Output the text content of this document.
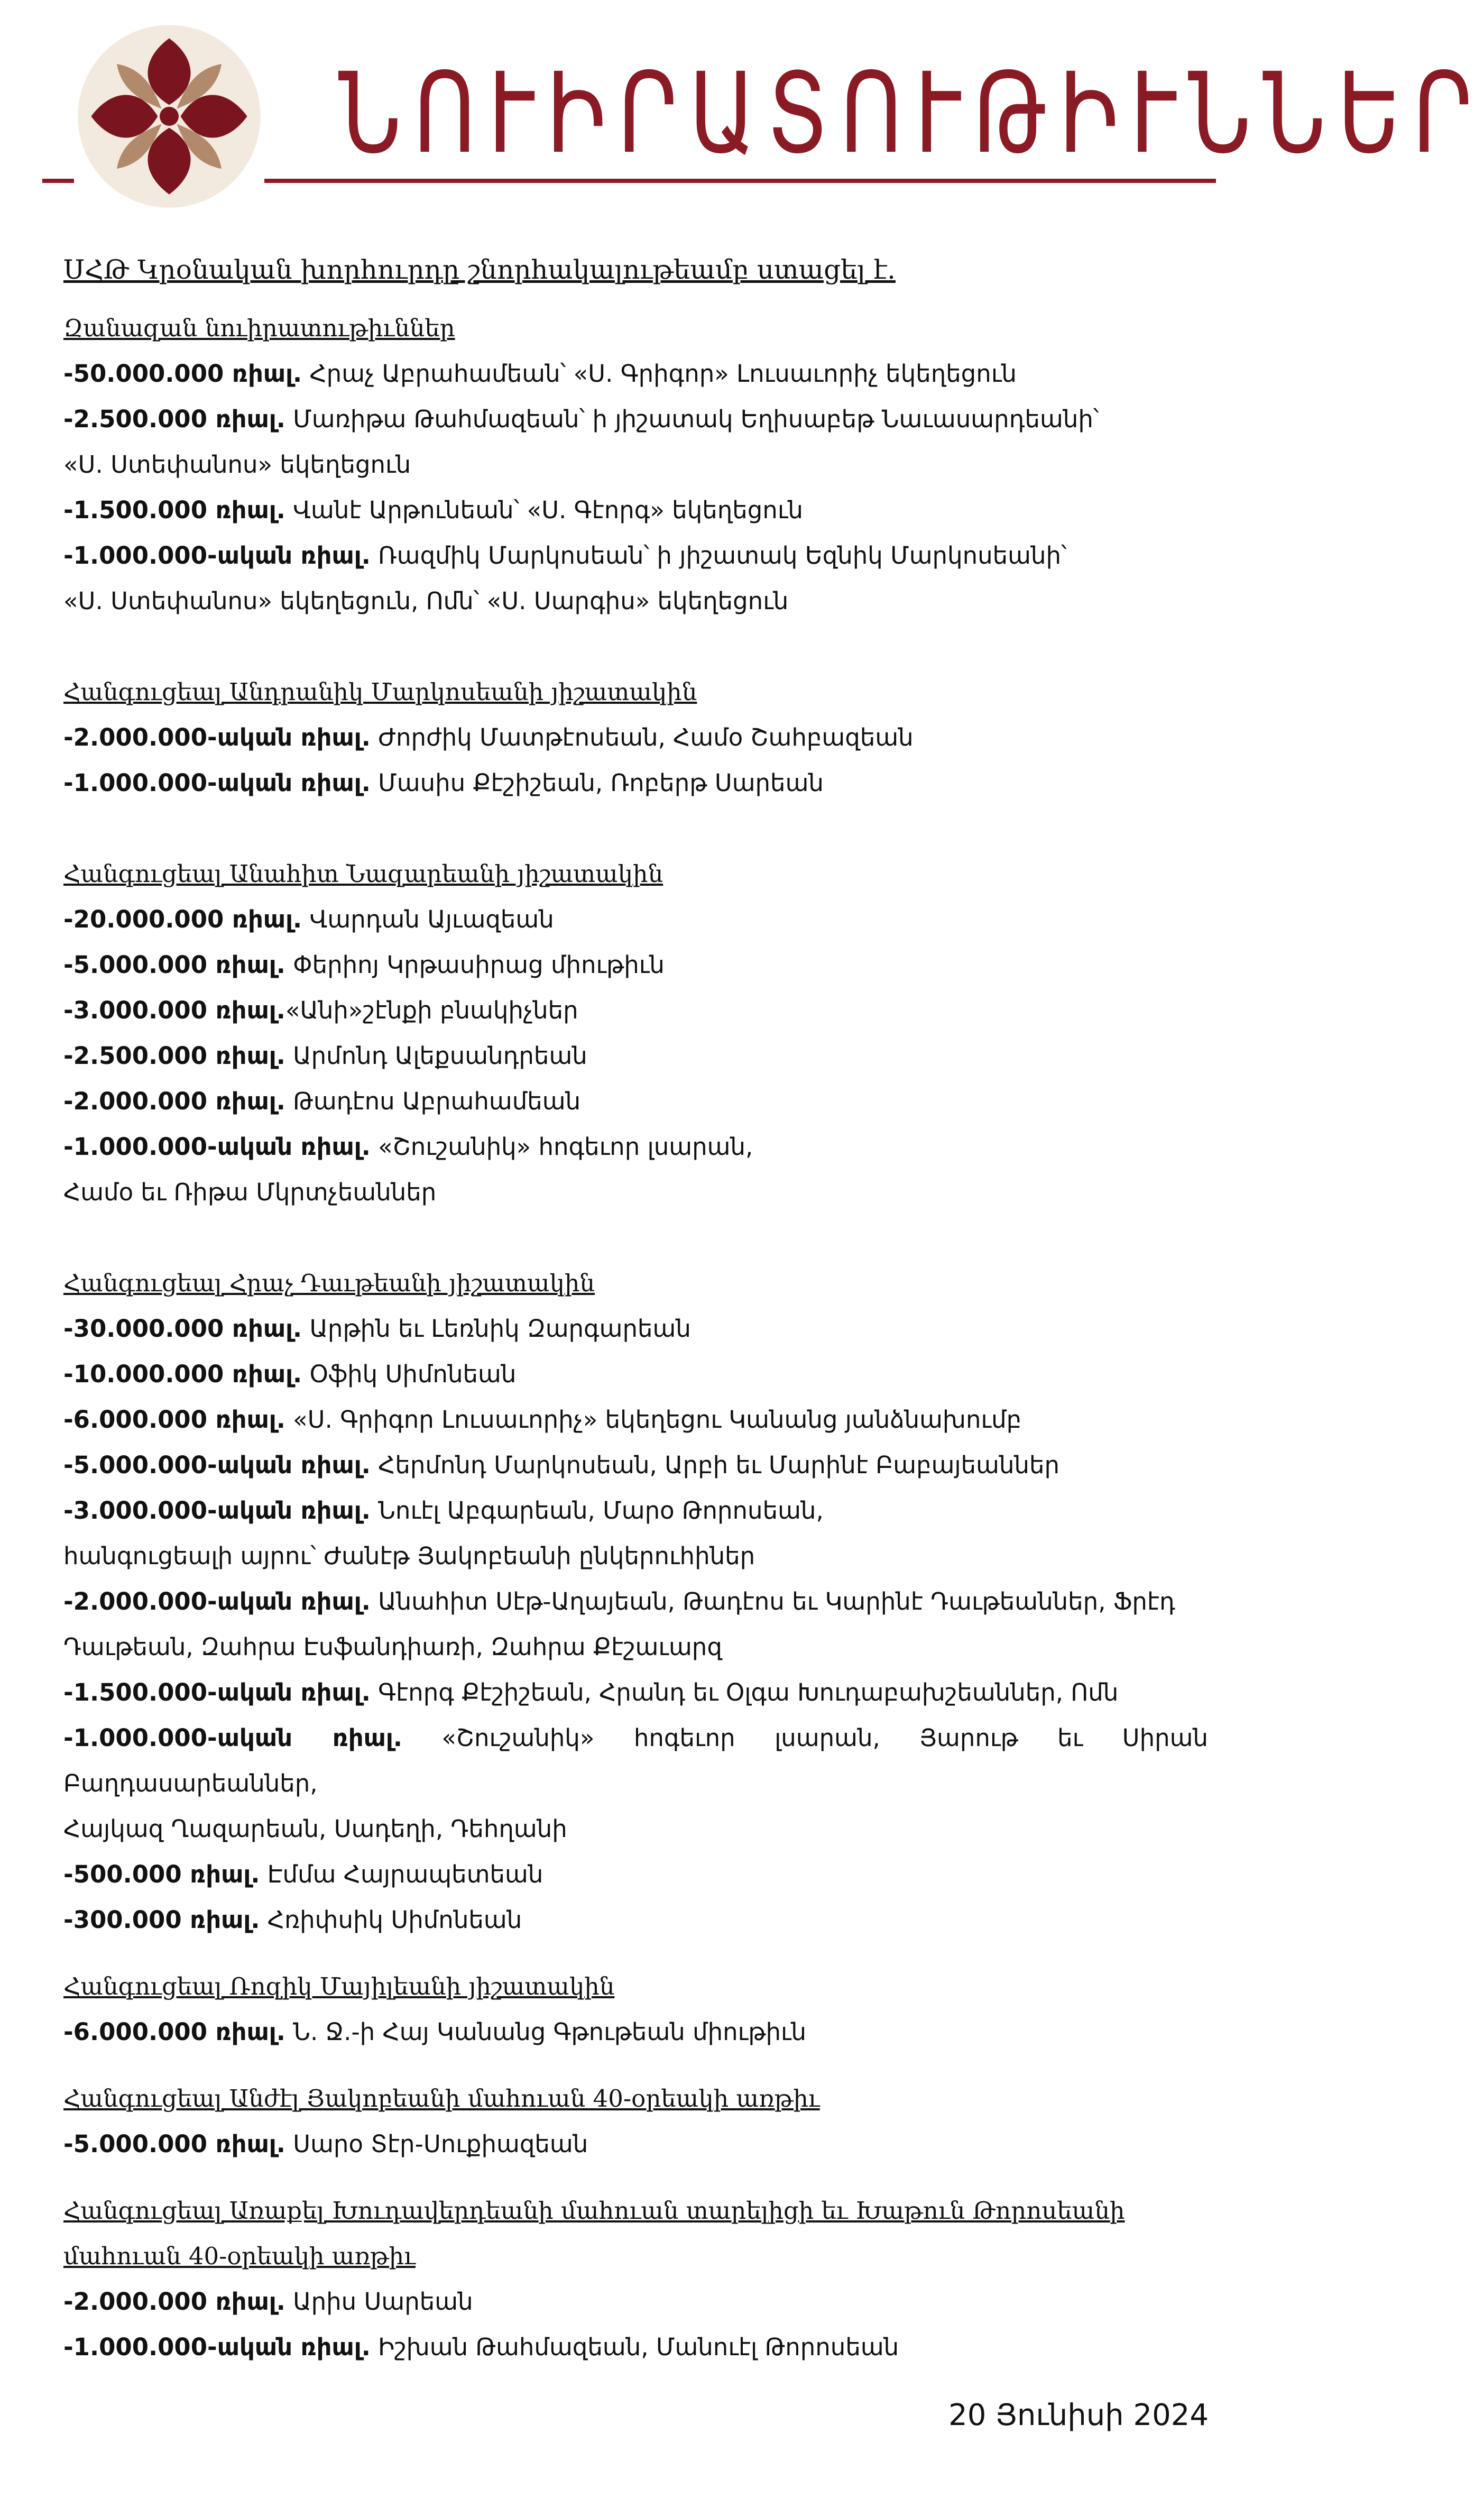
ՆՈՒԻՐԱՏՈՒԹԻՒՆՆԵՐ
ՍՀԹ Կրօնական խորհուրդը շնորհակալութեամբ ստացել է.
Զանազան նուիրատութիւններ
-50.000.000 ռիալ. Հրաչ Աբրահամեան՝ «Ս. Գրիգոր» Լուսաւորիչ եկեղեցուն
-2.500.000 ռիալ. Մառիթա Թահմազեան՝ ի յիշատակ Եղիսաբեթ Նաւասարդեանի՝
«Ս. Ստեփանոս» եկեղեցուն
-1.500.000 ռիալ. Վանէ Արթունեան՝ «Ս. Գէորգ» եկեղեցուն
-1.000.000-ական ռիալ. Ռազմիկ Մարկոսեան՝ ի յիշատակ Եզնիկ Մարկոսեանի՝
«Ս. Ստեփանոս» եկեղեցուն, Ոմն՝ «Ս. Սարգիս» եկեղեցուն
Հանգուցեալ Անդրանիկ Մարկոսեանի յիշատակին
-2.000.000-ական ռիալ. Ժորժիկ Մատթէոսեան, Համօ Շահբազեան
-1.000.000-ական ռիալ. Մասիս Քէշիշեան, Ռոբերթ Սարեան
Հանգուցեալ Անահիտ Նազարեանի յիշատակին
-20.000.000 ռիալ. Վարդան Այւազեան
-5.000.000 ռիալ. Փերիոյ Կրթասիրաց միութիւն
-3.000.000 ռիալ.«Անի»շէնքի բնակիչներ
-2.500.000 ռիալ. Արմոնդ Ալեքսանդրեան
-2.000.000 ռիալ. Թադէոս Աբրահամեան
-1.000.000-ական ռիալ. «Շուշանիկ» հոգեւոր լսարան,
Համօ եւ Ռիթա Մկրտչեաններ
Հանգուցեալ Հրաչ Դաւթեանի յիշատակին
-30.000.000 ռիալ. Արթին եւ Լեռնիկ Զարգարեան
-10.000.000 ռիալ. Օֆիկ Սիմոնեան
-6.000.000 ռիալ. «Ս. Գրիգոր Լուսաւորիչ» եկեղեցու Կանանց յանձնախումբ
-5.000.000-ական ռիալ. Հերմոնդ Մարկոսեան, Արբի եւ Մարինէ Բաբայեաններ
-3.000.000-ական ռիալ. Նուէլ Աբգարեան, Մարօ Թորոսեան,
հանգուցեալի այրու՝ Ժանէթ Յակոբեանի ընկերուհիներ
-2.000.000-ական ռիալ. Անահիտ Սէթ-Աղայեան, Թադէոս եւ Կարինէ Դաւթեաններ, Ֆրէդ
Դաւթեան, Զահրա Էսֆանդիառի, Զահրա Քէշաւարզ
-1.500.000-ական ռիալ. Գէորգ Քէշիշեան, Հրանդ եւ Օլգա Խուդաբախշեաններ, Ոմն
-1.000.000-ական ռիալ. «Շուշանիկ» հոգեւոր լսարան, Յարութ եւ Սիրան Բաղդասարեաններ,
Հայկազ Ղազարեան, Սադեղի, Դեհղանի
-500.000 ռիալ. Էմմա Հայրապետեան
-300.000 ռիալ. Հռիփսիկ Սիմոնեան
Հանգուցեալ Ռոզիկ Մայիլեանի յիշատակին
-6.000.000 ռիալ. Ն. Ջ.-ի Հայ Կանանց Գթութեան միութիւն
Հանգուցեալ Անժէլ Յակոբեանի մահուան 40-օրեակի առթիւ
-5.000.000 ռիալ. Սարօ Տէր-Սուքիազեան
Հանգուցեալ Առաքել Խուդավերդեանի մահուան տարելիցի եւ Խաթուն Թորոսեանի մահուան 40-օրեակի առթիւ
-2.000.000 ռիալ. Արիս Սարեան
-1.000.000-ական ռիալ. Իշխան Թահմազեան, Մանուէլ Թորոսեան
20 Յունիսի 2024
